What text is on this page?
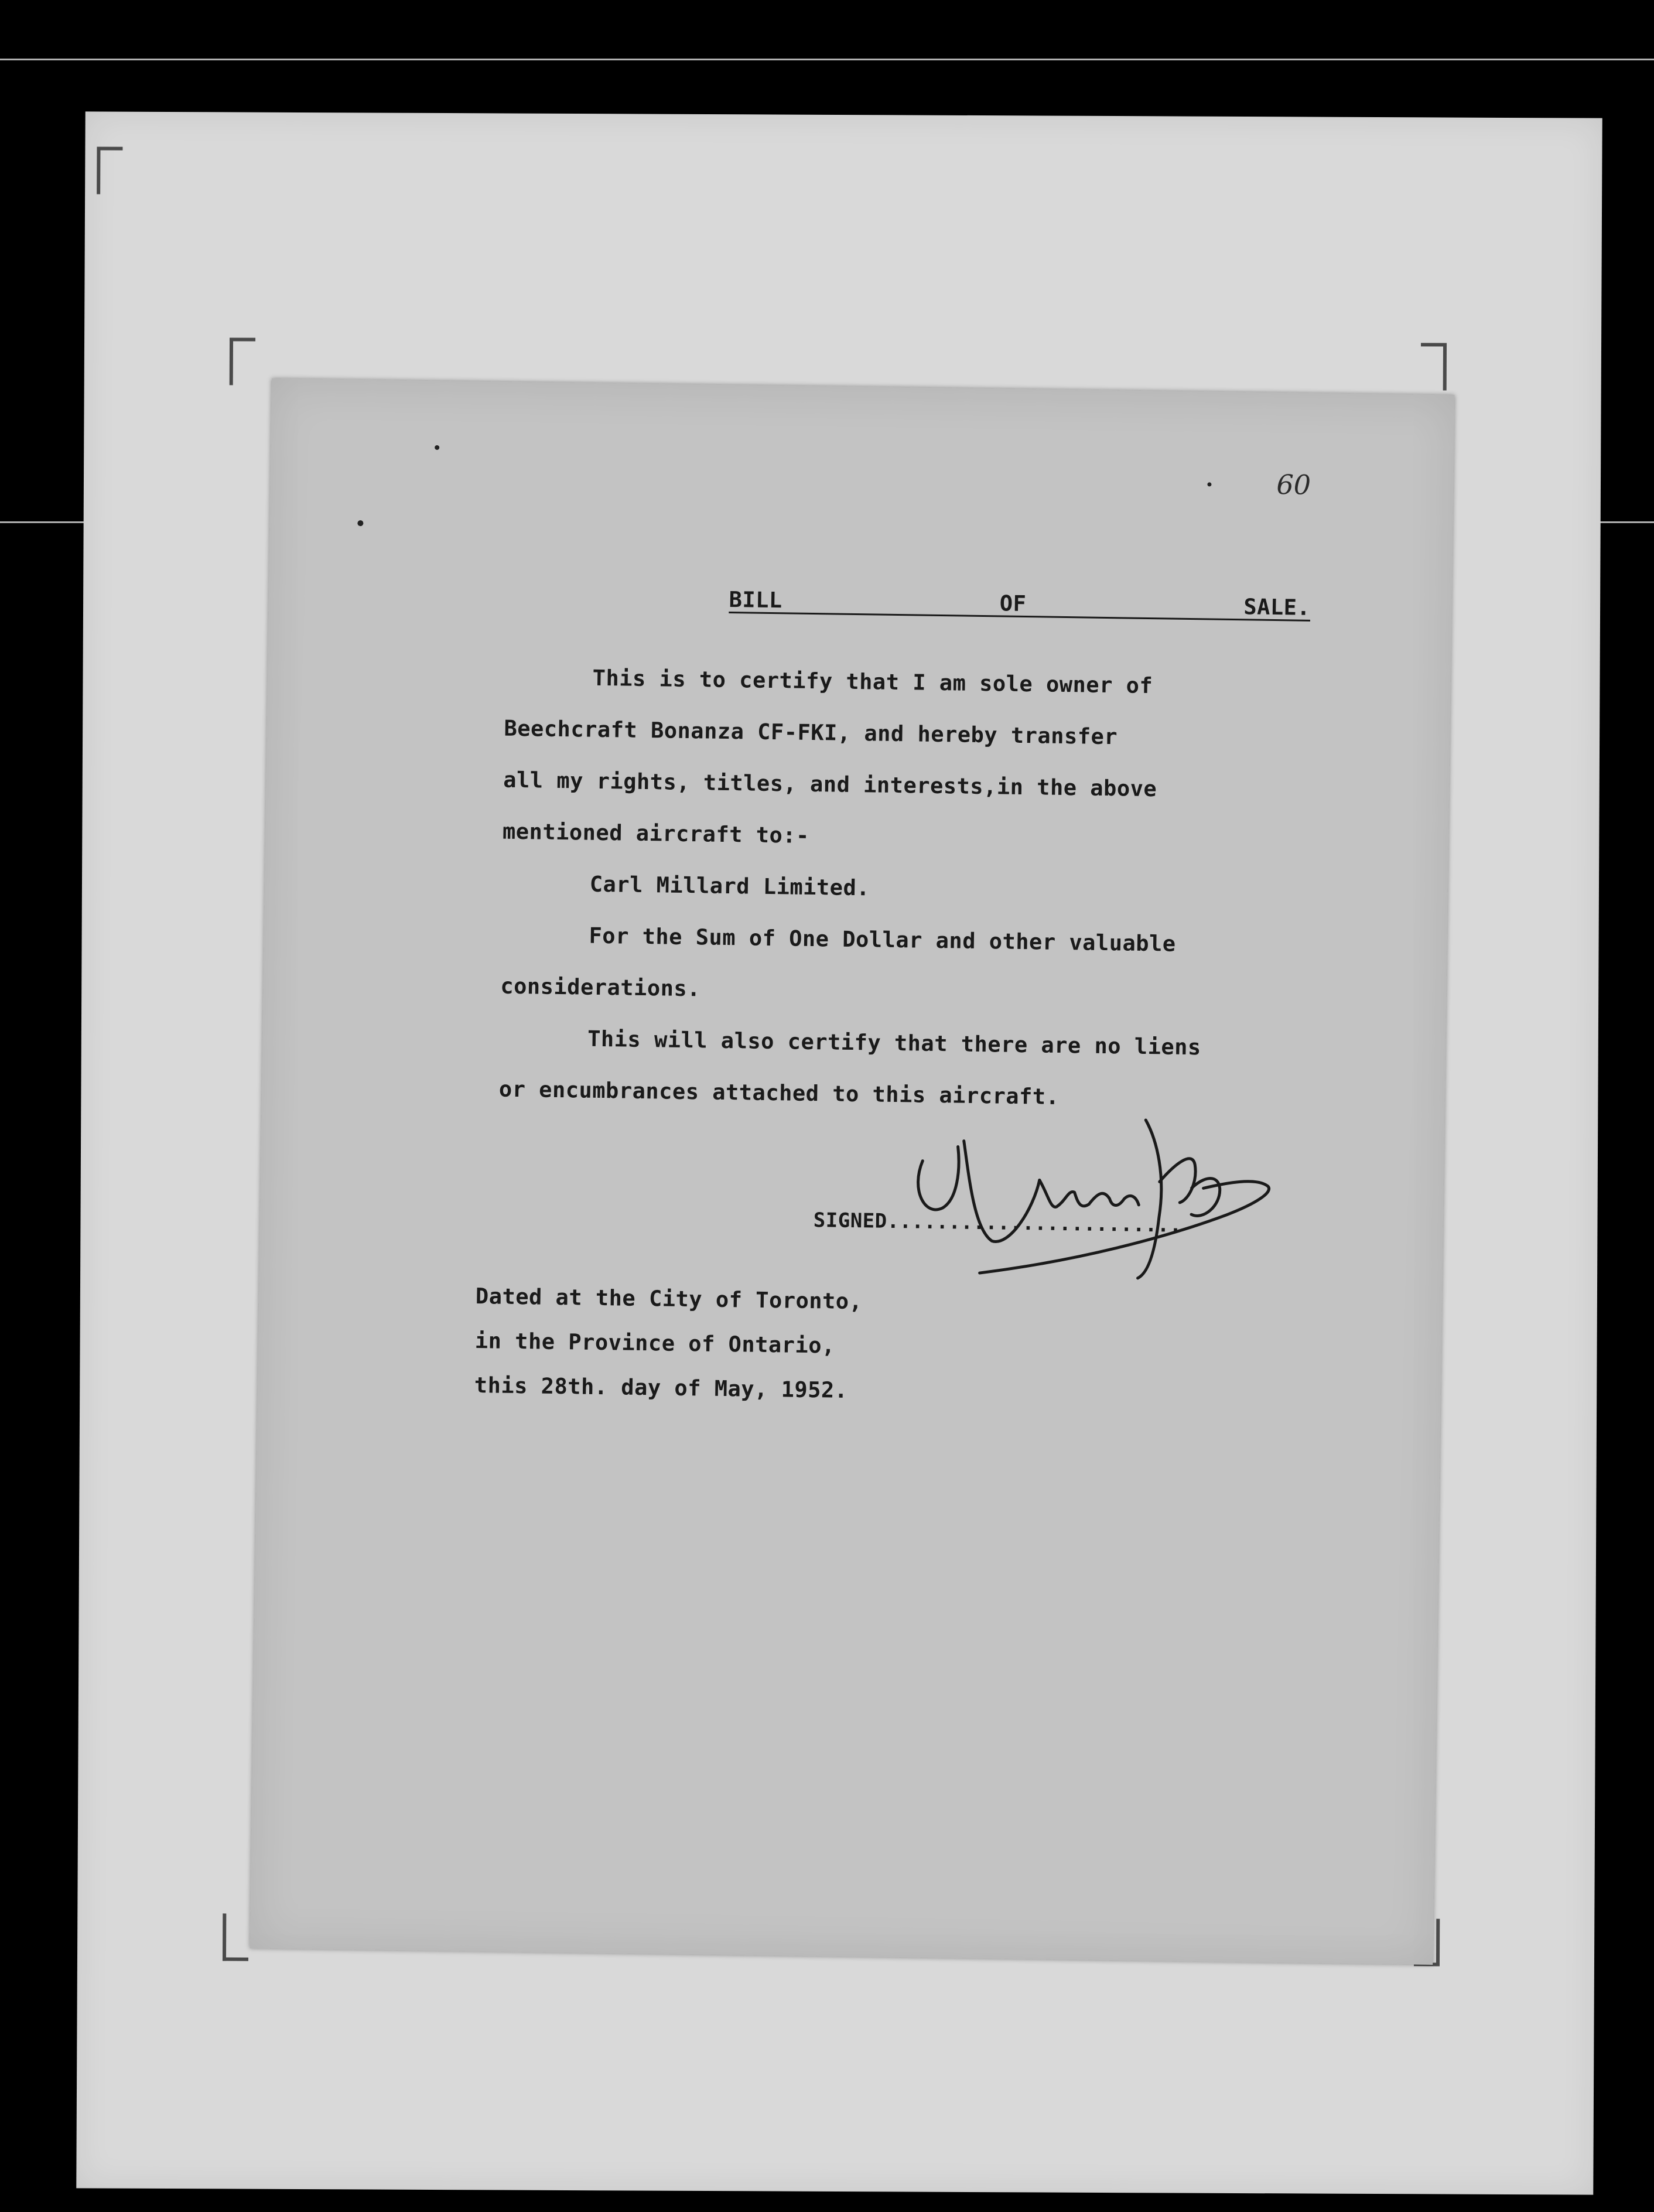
60
BILL    OF    SALE.
This is to certify that I am sole owner of
Beechcraft Bonanza CF-FKI, and hereby transfer
all my rights, titles, and interests,in the above
mentioned aircraft to:-
Carl Millard Limited.
For the Sum of One Dollar and other valuable
considerations.
This will also certify that there are no liens
or encumbrances attached to this aircraft.
SIGNED........................
Dated at the City of Toronto,
in the Province of Ontario,
this 28th. day of May, 1952.
